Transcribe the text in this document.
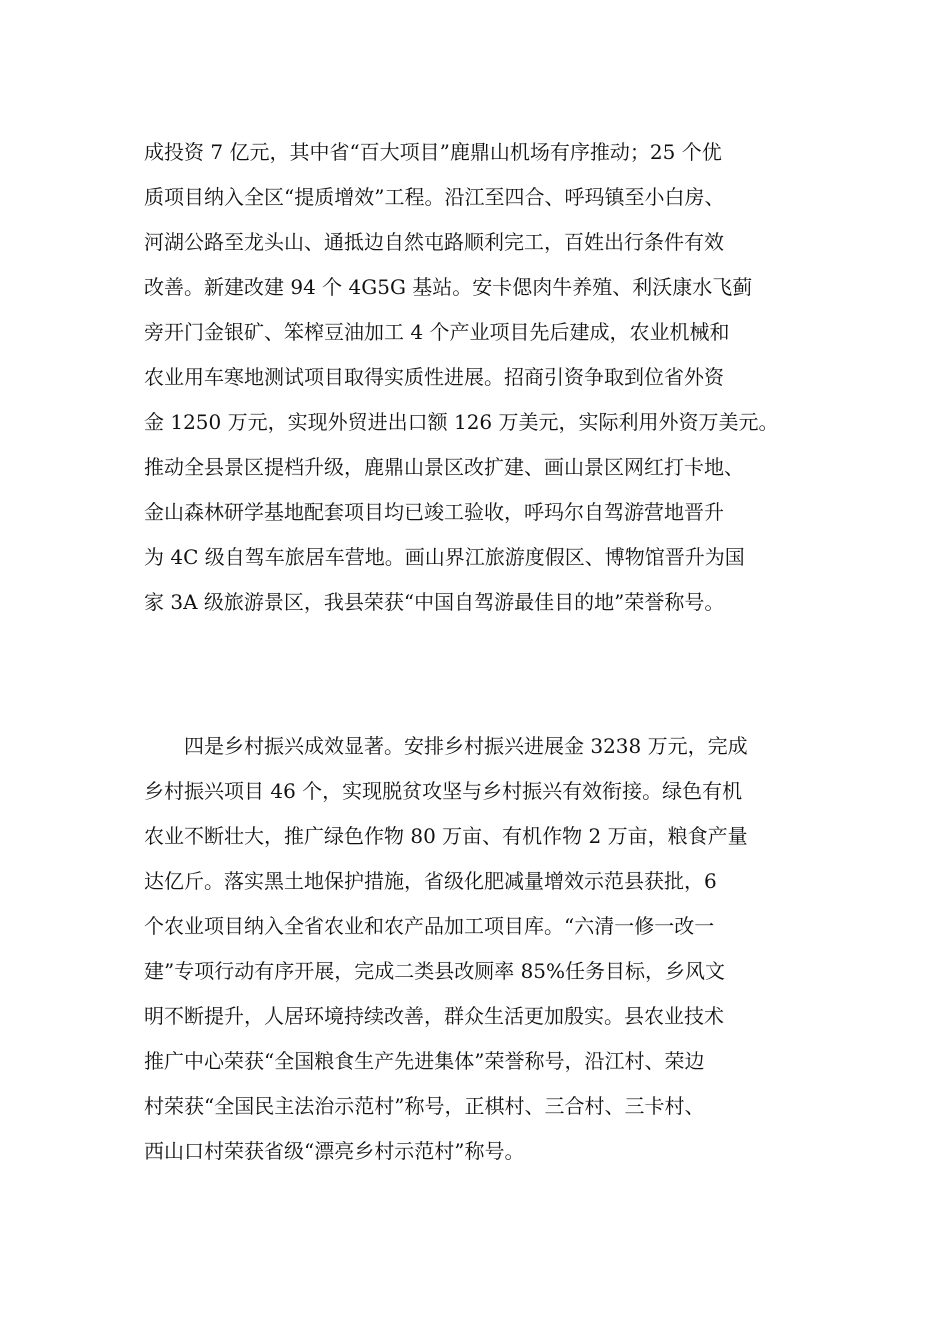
成投资 7 亿元，其中省“百大项目”鹿鼎山机场有序推动；25 个优
质项目纳入全区“提质增效”工程。沿江至四合、呼玛镇至小白房、
河湖公路至龙头山、通抵边自然屯路顺利完工，百姓出行条件有效
改善。新建改建 94 个 4G5G 基站。安卡偲肉牛养殖、利沃康水飞蓟
旁开门金银矿、笨榨豆油加工 4 个产业项目先后建成，农业机械和
农业用车寒地测试项目取得实质性进展。招商引资争取到位省外资
金 1250 万元，实现外贸进出口额 126 万美元，实际利用外资万美元。
推动全县景区提档升级，鹿鼎山景区改扩建、画山景区网红打卡地、
金山森林研学基地配套项目均已竣工验收，呼玛尔自驾游营地晋升
为 4C 级自驾车旅居车营地。画山界江旅游度假区、博物馆晋升为国
家 3A 级旅游景区，我县荣获“中国自驾游最佳目的地”荣誉称号。
　　四是乡村振兴成效显著。安排乡村振兴进展金 3238 万元，完成
乡村振兴项目 46 个，实现脱贫攻坚与乡村振兴有效衔接。绿色有机
农业不断壮大，推广绿色作物 80 万亩、有机作物 2 万亩，粮食产量
达亿斤。落实黑土地保护措施，省级化肥减量增效示范县获批，6
个农业项目纳入全省农业和农产品加工项目库。“六清一修一改一
建”专项行动有序开展，完成二类县改厕率 85%任务目标，乡风文
明不断提升，人居环境持续改善，群众生活更加殷实。县农业技术
推广中心荣获“全国粮食生产先进集体”荣誉称号，沿江村、荣边
村荣获“全国民主法治示范村”称号，正棋村、三合村、三卡村、
西山口村荣获省级“漂亮乡村示范村”称号。
